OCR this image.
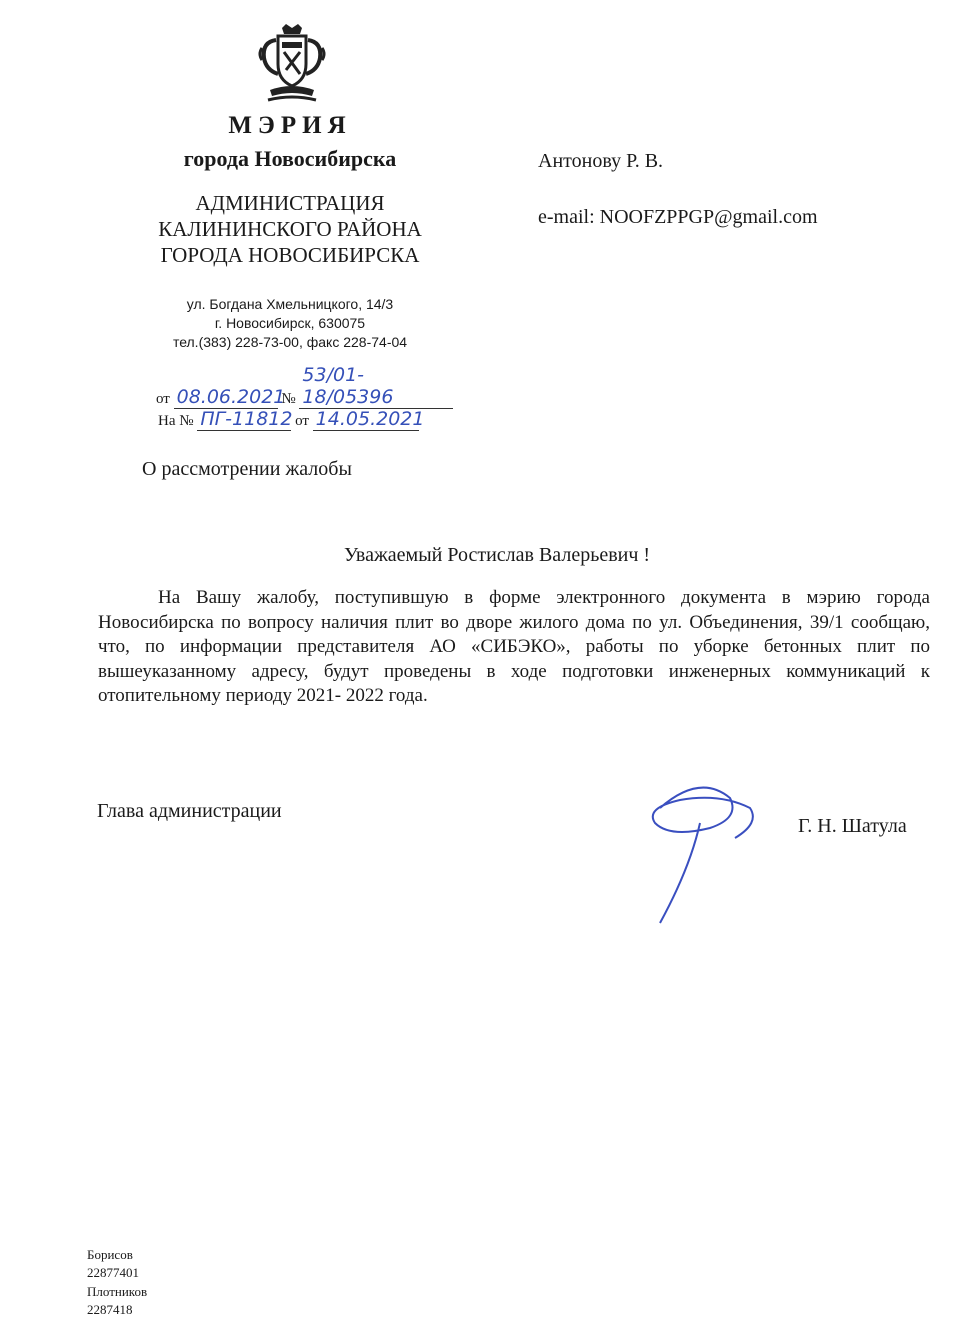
МЭРИЯ
города Новосибирска
АДМИНИСТРАЦИЯ
КАЛИНИНСКОГО РАЙОНА
ГОРОДА НОВОСИБИРСКА
ул. Богдана Хмельницкого, 14/3
г. Новосибирск, 630075
тел.(383) 228-73-00, факс 228-74-04
от 08.06.2021 № 53/01-18/05396
На № ПГ-11812 от 14.05.2021
Антонову Р. В.
e-mail: NOOFZPPGP@gmail.com
О рассмотрении жалобы
Уважаемый Ростислав Валерьевич !
На Вашу жалобу, поступившую в форме электронного документа в мэрию города Новосибирска по вопросу наличия плит во дворе жилого дома по ул. Объединения, 39/1 сообщаю, что, по информации представителя АО «СИБЭКО», работы по уборке бетонных плит по вышеуказанному адресу, будут проведены в ходе подготовки инженерных коммуникаций к отопительному периоду 2021- 2022 года.
Глава администрации
Г. Н. Шатула
Борисов
22877401
Плотников
2287418
